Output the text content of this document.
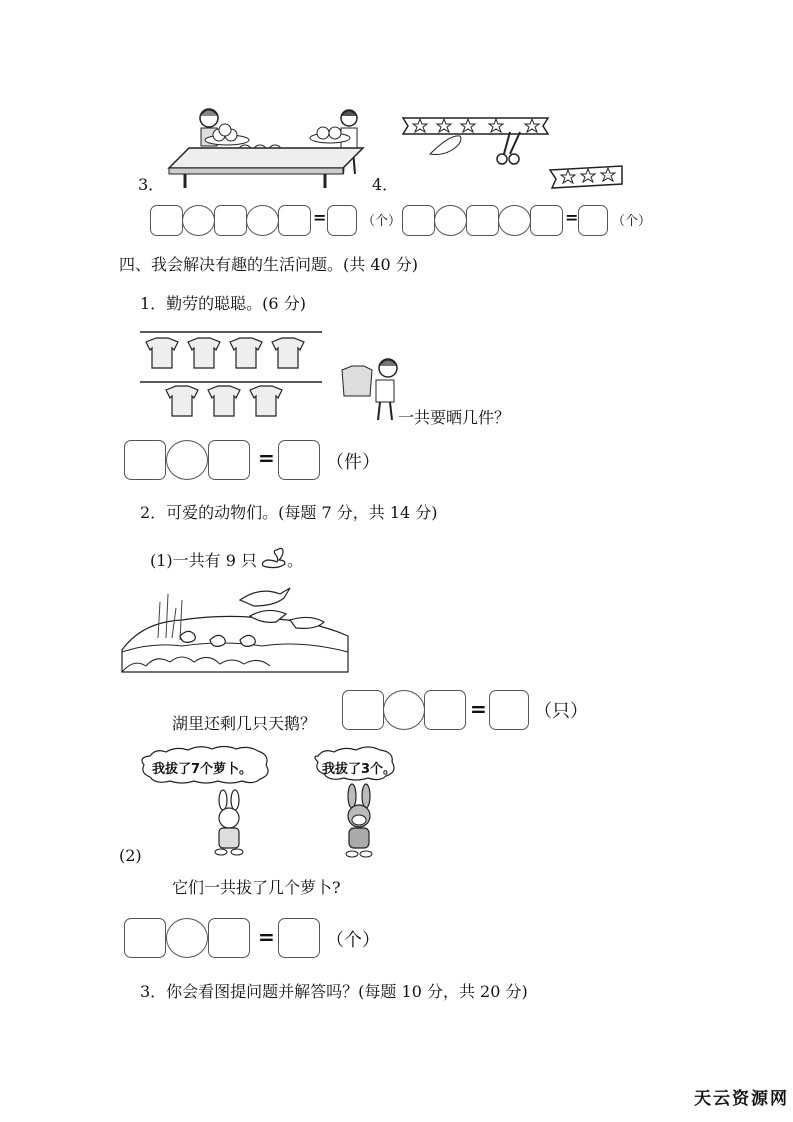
3．	4．
=	（个）	=	（个）
四、我会解决有趣的生活问题。(共 40 分)
1．勤劳的聪聪。(6 分)
一共要晒几件？
=	（件）
2．可爱的动物们。(每题 7 分，共 14 分)
(1)一共有 9 只 。
湖里还剩几只天鹅？
=	（只）
我拔了7个萝卜。	我拔了3个。
(2)
它们一共拔了几个萝卜?
=	（个）
3．你会看图提问题并解答吗？(每题 10 分，共 20 分)
天云资源网
